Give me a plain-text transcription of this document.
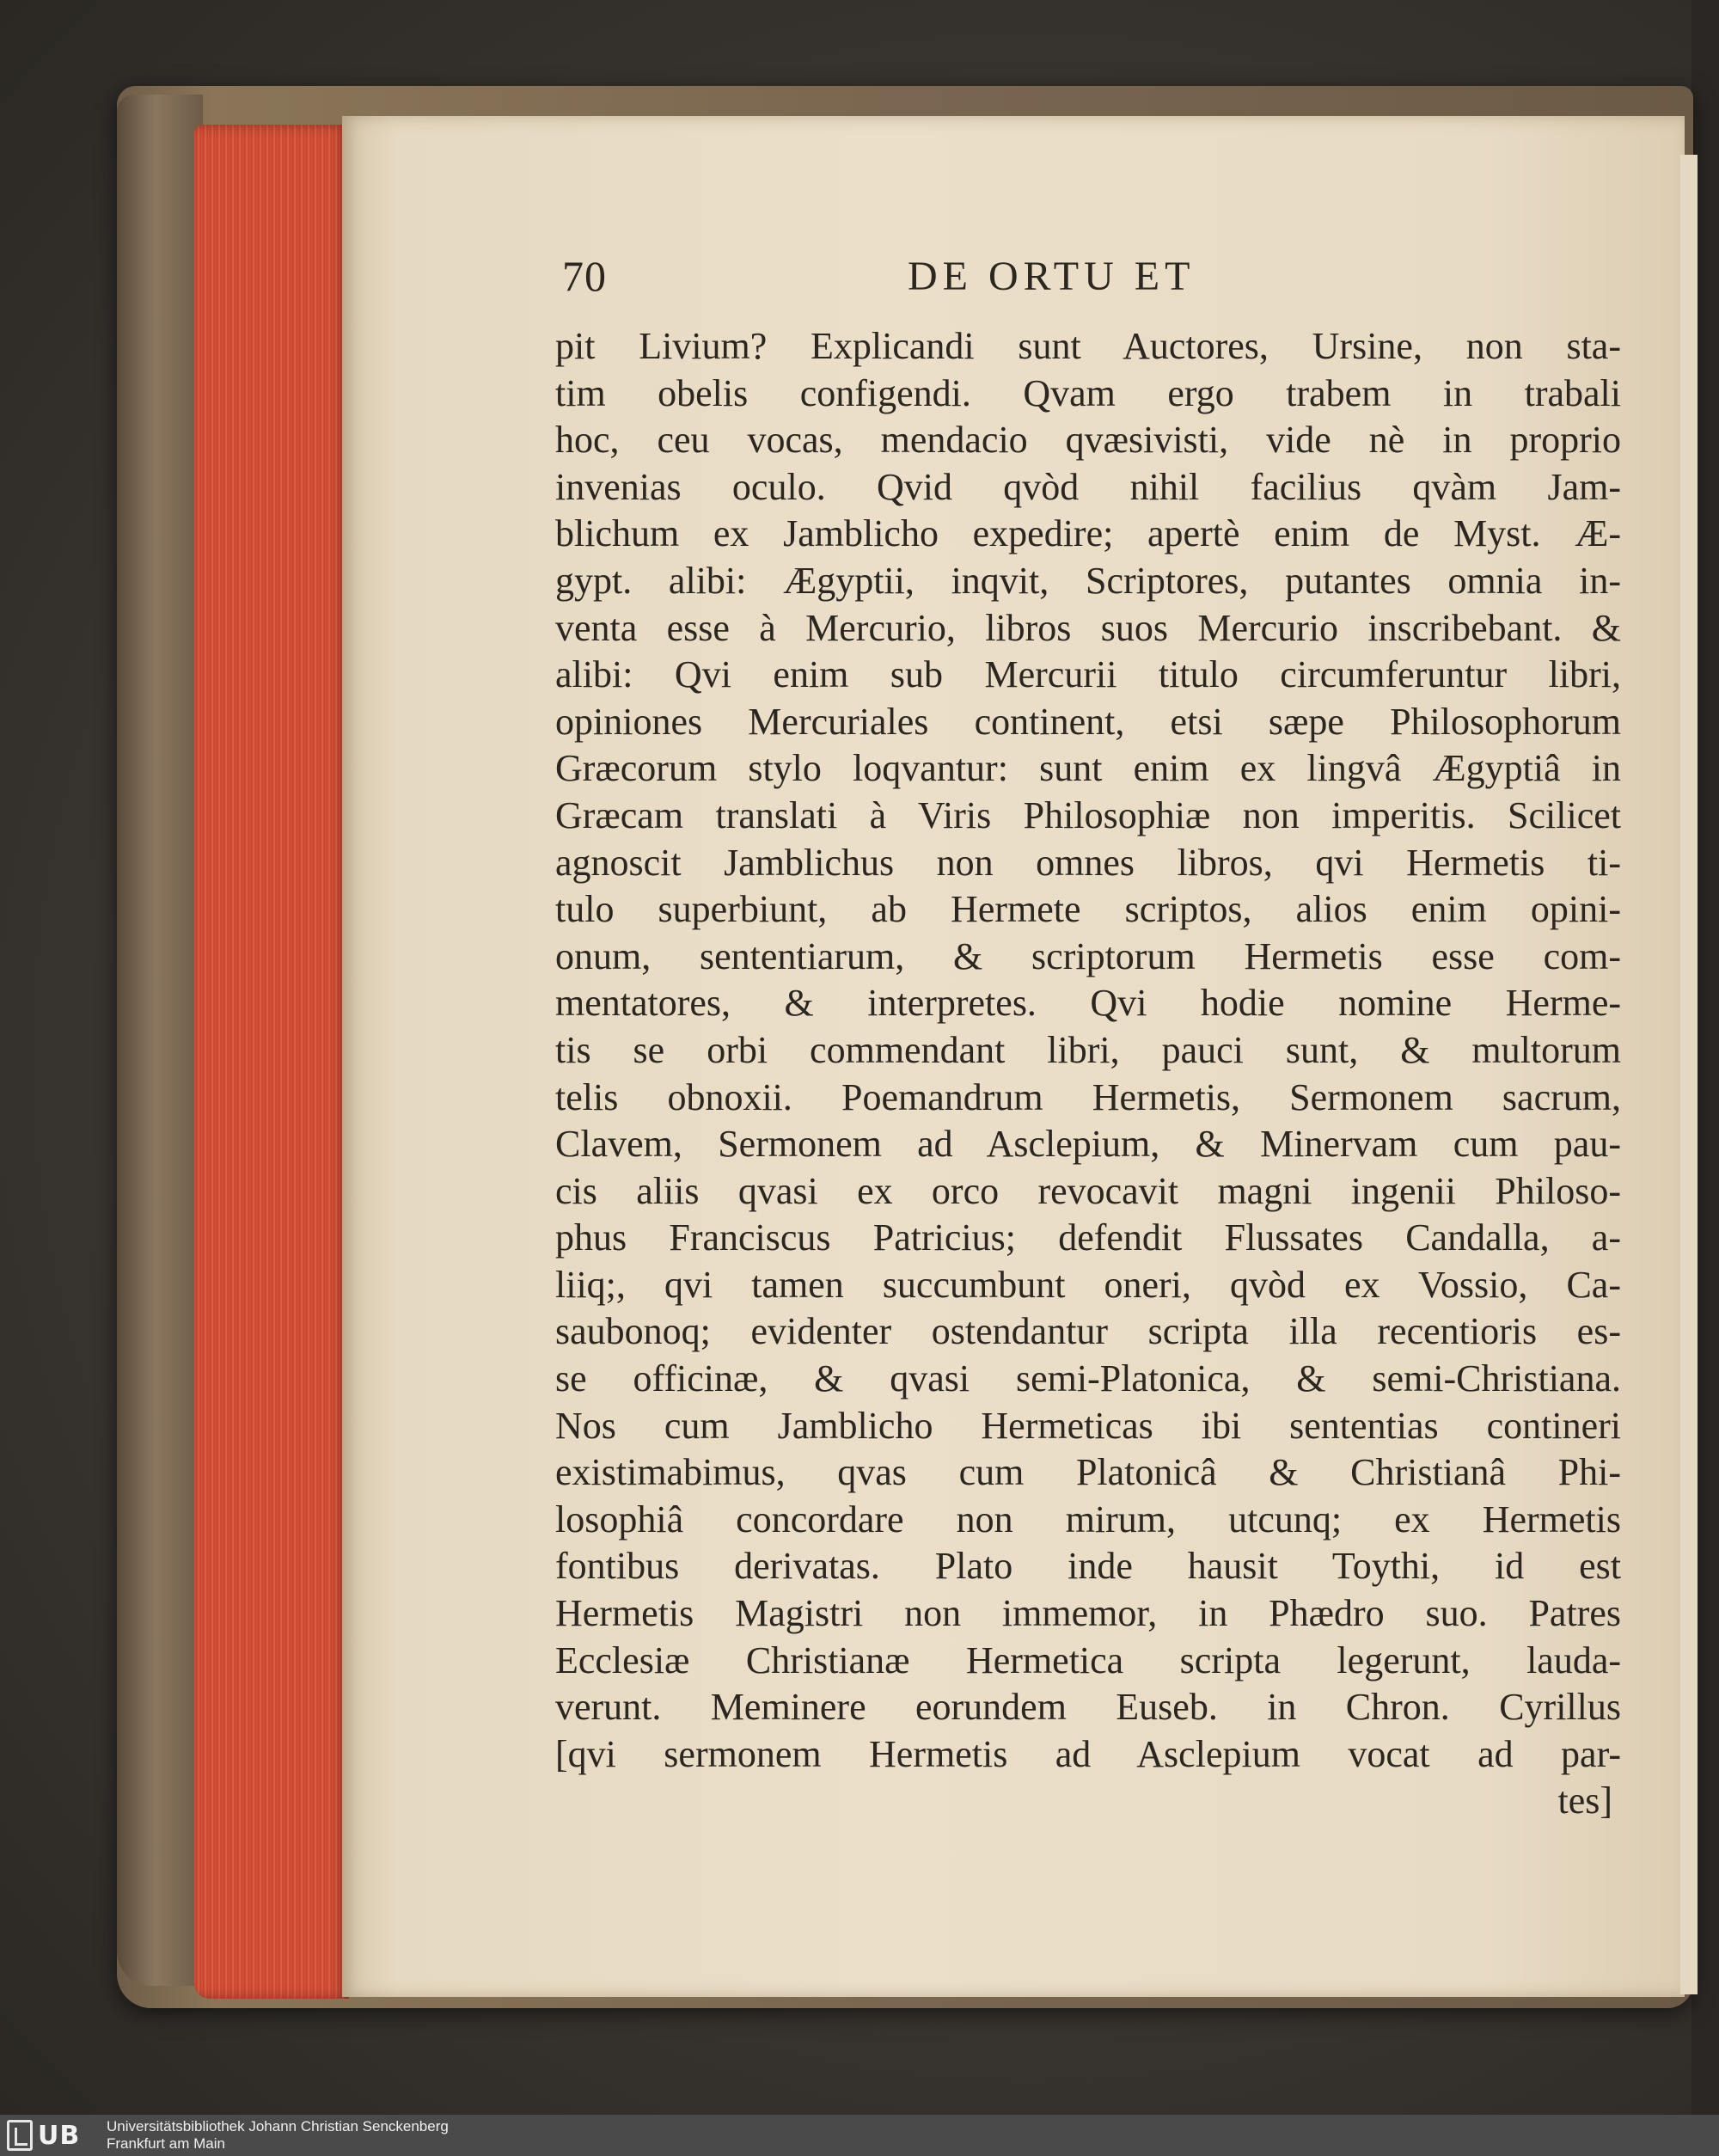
70	DE ORTU ET
pit Livium? Explicandi sunt Auctores, Ursine, non sta-
tim obelis configendi. Qvam ergo trabem in trabali
hoc, ceu vocas, mendacio qvæsivisti, vide nè in proprio
invenias oculo. Qvid qvòd nihil facilius qvàm Jam-
blichum ex Jamblicho expedire; apertè enim de Myst. Æ-
gypt. alibi: Ægyptii, inqvit, Scriptores, putantes omnia in-
venta esse à Mercurio, libros suos Mercurio inscribebant. &
alibi: Qvi enim sub Mercurii titulo circumferuntur libri,
opiniones Mercuriales continent, etsi sæpe Philosophorum
Græcorum stylo loqvantur: sunt enim ex lingvâ Ægyptiâ in
Græcam translati à Viris Philosophiæ non imperitis. Scilicet
agnoscit Jamblichus non omnes libros, qvi Hermetis ti-
tulo superbiunt, ab Hermete scriptos, alios enim opini-
onum, sententiarum, & scriptorum Hermetis esse com-
mentatores, & interpretes. Qvi hodie nomine Herme-
tis se orbi commendant libri, pauci sunt, & multorum
telis obnoxii. Poemandrum Hermetis, Sermonem sacrum,
Clavem, Sermonem ad Asclepium, & Minervam cum pau-
cis aliis qvasi ex orco revocavit magni ingenii Philoso-
phus Franciscus Patricius; defendit Flussates Candalla, a-
liiq;, qvi tamen succumbunt oneri, qvòd ex Vossio, Ca-
saubonoq; evidenter ostendantur scripta illa recentioris es-
se officinæ, & qvasi semi-Platonica, & semi-Christiana.
Nos cum Jamblicho Hermeticas ibi sententias contineri
existimabimus, qvas cum Platonicâ & Christianâ Phi-
losophiâ concordare non mirum, utcunq; ex Hermetis
fontibus derivatas. Plato inde hausit Toythi, id est
Hermetis Magistri non immemor, in Phædro suo. Patres
Ecclesiæ Christianæ Hermetica scripta legerunt, lauda-
verunt. Meminere eorundem Euseb. in Chron. Cyrillus
[qvi sermonem Hermetis ad Asclepium vocat ad par-
tes]
UB Universitätsbibliothek Johann Christian Senckenberg
Frankfurt am Main
